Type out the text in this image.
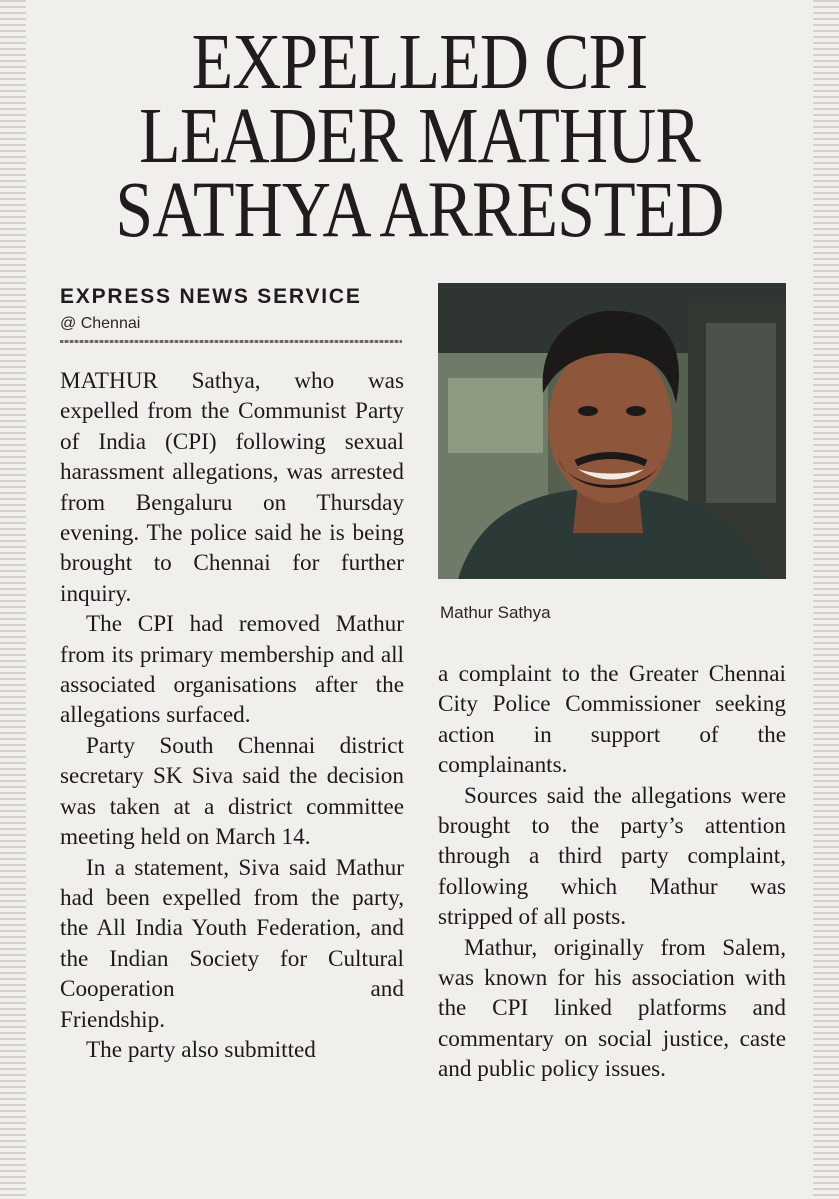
EXPELLED CPI
LEADER MATHUR
SATHYA ARRESTED
EXPRESS NEWS SERVICE
@ Chennai

MATHUR Sathya, who was expelled from the Communist Party of India (CPI) following sexual harassment allegations, was arrested from Bengaluru on Thursday evening. The police said he is being brought to Chennai for further inquiry.

The CPI had removed Mathur from its primary membership and all associated organisations after the allegations surfaced.

Party South Chennai district secretary SK Siva said the decision was taken at a district committee meeting held on March 14.

In a statement, Siva said Mathur had been expelled from the party, the All India Youth Federation, and the Indian Society for Cultural Cooperation and

Friendship.

The party also submitted

Mathur Sathya

a complaint to the Greater Chennai City Police Commissioner seeking action in support of the

complainants.

Sources said the allegations were brought to the party’s attention through a third party complaint, following which Mathur was stripped of all posts.

Mathur, originally from Salem, was known for his association with the CPI linked platforms and commentary on social justice, caste and public policy issues.
